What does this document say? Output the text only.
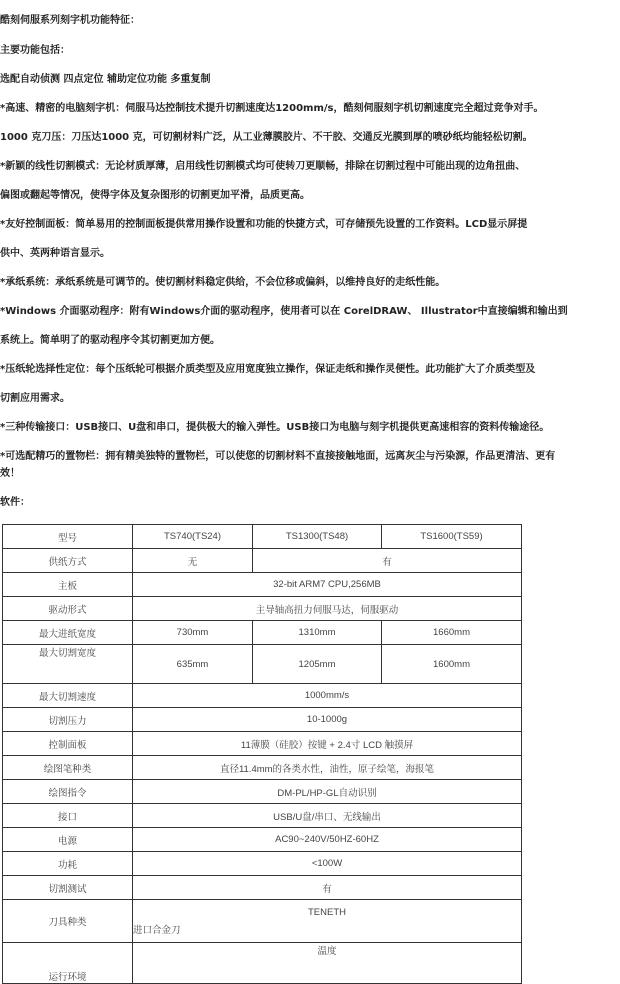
酷刻伺服系列刻字机功能特征：
主要功能包括：
选配自动侦测 四点定位 辅助定位功能 多重复制
*高速、精密的电脑刻字机：伺服马达控制技术提升切割速度达1200mm/s，酷刻伺服刻字机切割速度完全超过竞争对手。
1000 克刀压：刀压达1000 克，可切割材料广泛，从工业薄膜胶片、不干胶、交通反光膜到厚的喷砂纸均能轻松切割。
*新颖的线性切割模式：无论材质厚薄，启用线性切割模式均可使转刀更顺畅，排除在切割过程中可能出现的边角扭曲、
偏图或翻起等情况，使得字体及复杂图形的切割更加平滑，品质更高。
*友好控制面板：简单易用的控制面板提供常用操作设置和功能的快捷方式，可存储预先设置的工作资料。LCD显示屏提
供中、英两种语言显示。
*承纸系统：承纸系统是可调节的。使切割材料稳定供给，不会位移或偏斜，以维持良好的走纸性能。
*Windows 介面驱动程序：附有Windows介面的驱动程序，使用者可以在 CorelDRAW、 Illustrator中直接编辑和输出到
系统上。简单明了的驱动程序令其切割更加方便。
*压纸轮选择性定位：每个压纸轮可根据介质类型及应用宽度独立操作，保证走纸和操作灵便性。此功能扩大了介质类型及
切割应用需求。
*三种传输接口：USB接口、U盘和串口，提供极大的输入弹性。USB接口为电脑与刻字机提供更高速相容的资料传输途径。
*可选配精巧的置物栏：拥有精美独特的置物栏，可以使您的切割材料不直接接触地面，远离灰尘与污染源，作品更清洁、更有
效！
软件：
型号	TS740(TS24)	TS1300(TS48)	TS1600(TS59)
供纸方式	无	有	
主板	32-bit ARM7 CPU,256MB		
驱动形式	主导轴高扭力伺服马达，伺服驱动		
最大进纸宽度	730mm	1310mm	1660mm
最大切割宽度	635mm	1205mm	1600mm
最大切割速度	1000mm/s		
切割压力	10-1000g		
控制面板	11薄膜（硅胶）按键 + 2.4寸 LCD 触摸屏		
绘图笔种类	直径11.4mm的各类水性，油性，原子绘笔，海报笔		
绘图指令	DM-PL/HP-GL自动识别		
接口	USB/U盘/串口、无线输出		
电源	AC90~240V/50HZ-60HZ		
功耗	<100W		
切割测试	有		
刀具种类	TENETH
进口合金刀		

运行环境	温度		
